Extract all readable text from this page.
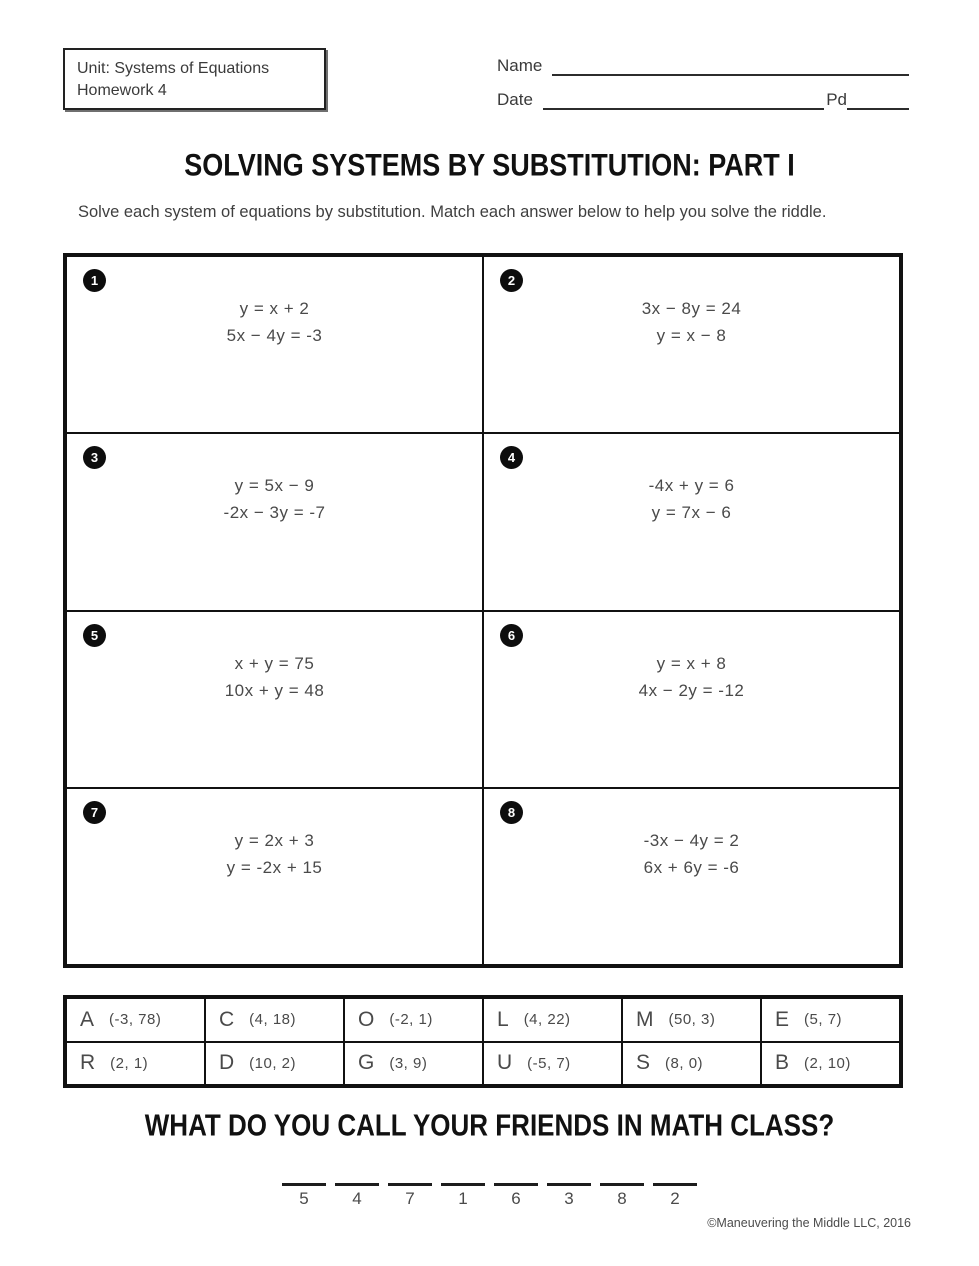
Unit: Systems of Equations
Homework 4
Name
Date	Pd
SOLVING SYSTEMS BY SUBSTITUTION: PART I

Solve each system of equations by substitution. Match each answer below to help you solve the riddle.

1
y = x + 2
5x − 4y = -3
2
3x − 8y = 24
y = x − 8
3
y = 5x − 9
-2x − 3y = -7
4
-4x + y = 6
y = 7x − 6
5
x + y = 75
10x + y = 48
6
y = x + 8
4x − 2y = -12
7
y = 2x + 3
y = -2x + 15
8
-3x − 4y = 2
6x + 6y = -6
A (-3, 78)	C (4, 18)	O (-2, 1)	L (4, 22)	M (50, 3)	E (5, 7)
R (2, 1)	D (10, 2)	G (3, 9)	U (-5, 7)	S (8, 0)	B (2, 10)
WHAT DO YOU CALL YOUR FRIENDS IN MATH CLASS?
5	4	7	1	6	3	8	2
©Maneuvering the Middle LLC, 2016
